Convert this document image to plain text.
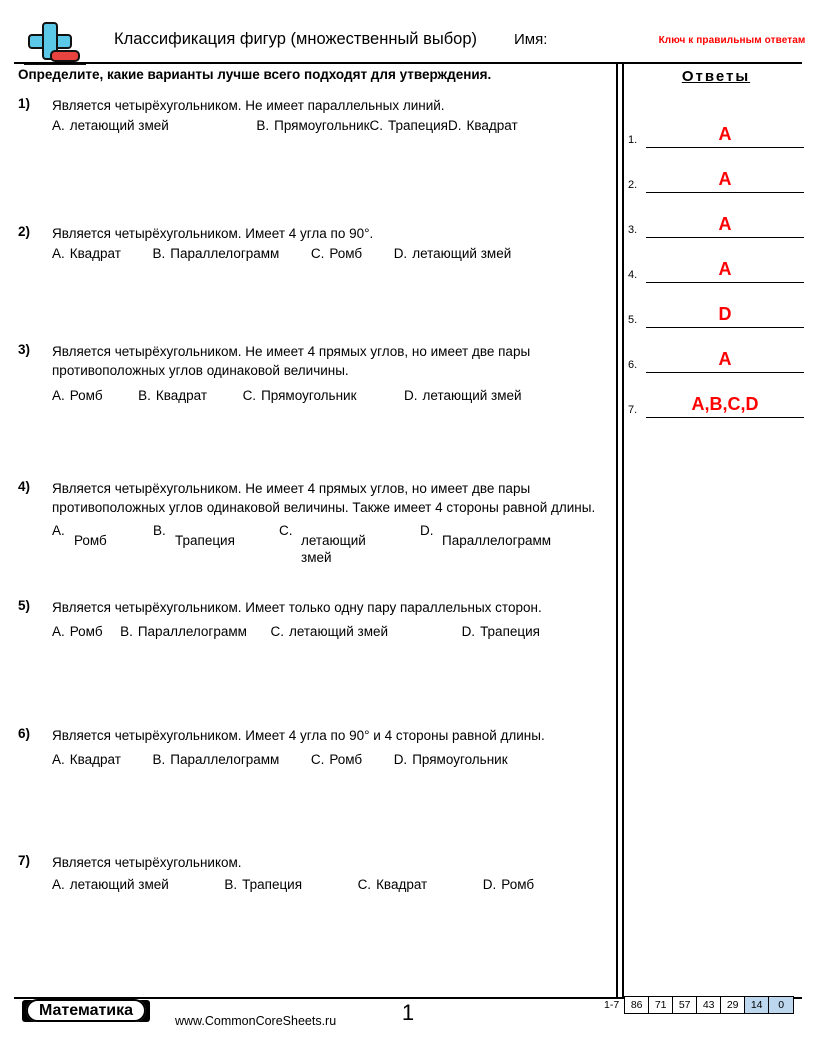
Классификация фигур (множественный выбор) Имя:	Ключ к правильным ответам
Определите, какие варианты лучше всего подходят для утверждения.
1)	Является четырёхугольником. Не имеет параллельных линий.
A. летающий змей	B. ПрямоугольникC. ТрапецияD. Квадрат
2)	Является четырёхугольником. Имеет 4 угла по 90°.
A. Квадрат B. Параллелограмм C. Ромб D. летающий змей
3)	Является четырёхугольником. Не имеет 4 прямых углов, но имеет две пары противоположных углов одинаковой величины.
A. Ромб	B. Квадрат	C. Прямоугольник	D. летающий змей
4)	Является четырёхугольником. Не имеет 4 прямых углов, но имеет две пары противоположных углов одинаковой величины. Также имеет 4 стороны равной длины.
A.
Ромб
B.
Трапеция
C.
летающий змей
D.
Параллелограмм
5)	Является четырёхугольником. Имеет только одну пару параллельных сторон.
A. Ромб B. Параллелограмм C. летающий змей	D. Трапеция
6)	Является четырёхугольником. Имеет 4 угла по 90° и 4 стороны равной длины.
A. Квадрат B. Параллелограмм C. Ромб D. Прямоугольник
7)	Является четырёхугольником.
A. летающий змей	B. Трапеция	C. Квадрат	D. Ромб
Ответы
1.	A
2.	A
3.	A
4.	A
5.	D
6.	A
7.	A,B,C,D
Математика
www.CommonCoreSheets.ru	1	1-7	86	71	57	43	29	14	0
